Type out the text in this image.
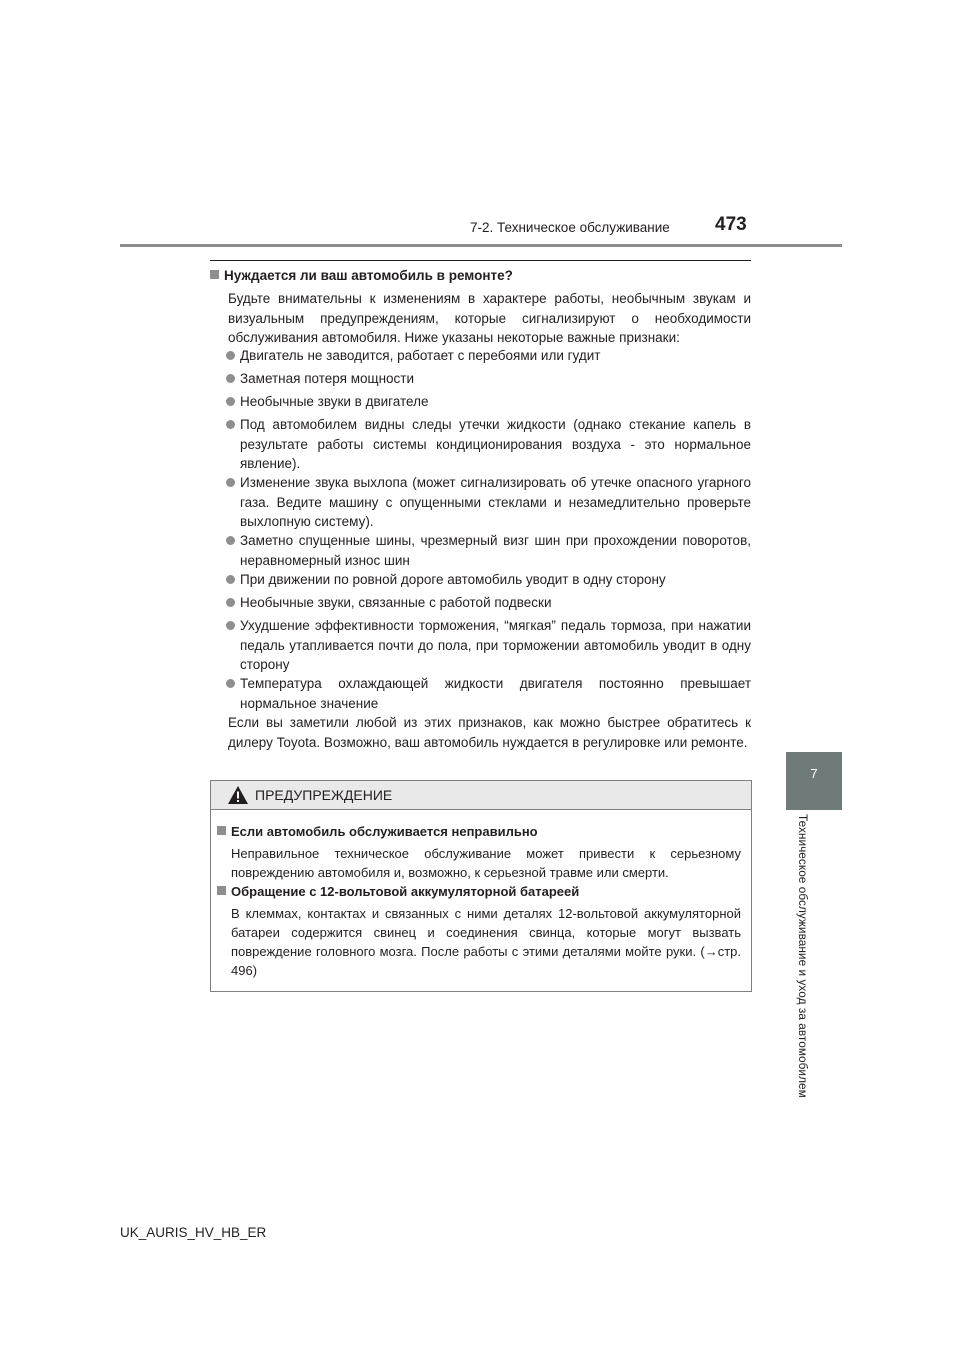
7-2. Техническое обслуживание 473
7
Техническое обслуживание и уход за автомобилем
Нуждается ли ваш автомобиль в ремонте?
Будьте внимательны к изменениям в характере работы, необычным звукам и визуальным предупреждениям, которые сигнализируют о необходимости обслуживания автомобиля. Ниже указаны некоторые важные признаки:
Двигатель не заводится, работает с перебоями или гудит
Заметная потеря мощности
Необычные звуки в двигателе
Под автомобилем видны следы утечки жидкости (однако стекание капель в результате работы системы кондиционирования воздуха - это нормальное явление).
Изменение звука выхлопа (может сигнализировать об утечке опасного угарного газа. Ведите машину с опущенными стеклами и незамедлительно проверьте выхлопную систему).
Заметно спущенные шины, чрезмерный визг шин при прохождении поворотов, неравномерный износ шин
При движении по ровной дороге автомобиль уводит в одну сторону
Необычные звуки, связанные с работой подвески
Ухудшение эффективности торможения, “мягкая” педаль тормоза, при нажатии педаль утапливается почти до пола, при торможении автомобиль уводит в одну сторону
Температура охлаждающей жидкости двигателя постоянно превышает нормальное значение
Если вы заметили любой из этих признаков, как можно быстрее обратитесь к дилеру Toyota. Возможно, ваш автомобиль нуждается в регулировке или ремонте.
ПРЕДУПРЕЖДЕНИЕ
Если автомобиль обслуживается неправильно
Неправильное техническое обслуживание может привести к серьезному повреждению автомобиля и, возможно, к серьезной травме или смерти.
Обращение с 12-вольтовой аккумуляторной батареей
В клеммах, контактах и связанных с ними деталях 12-вольтовой аккумуляторной батареи содержится свинец и соединения свинца, которые могут вызвать повреждение головного мозга. После работы с этими деталями мойте руки. (→стр. 496)
UK_AURIS_HV_HB_ER
